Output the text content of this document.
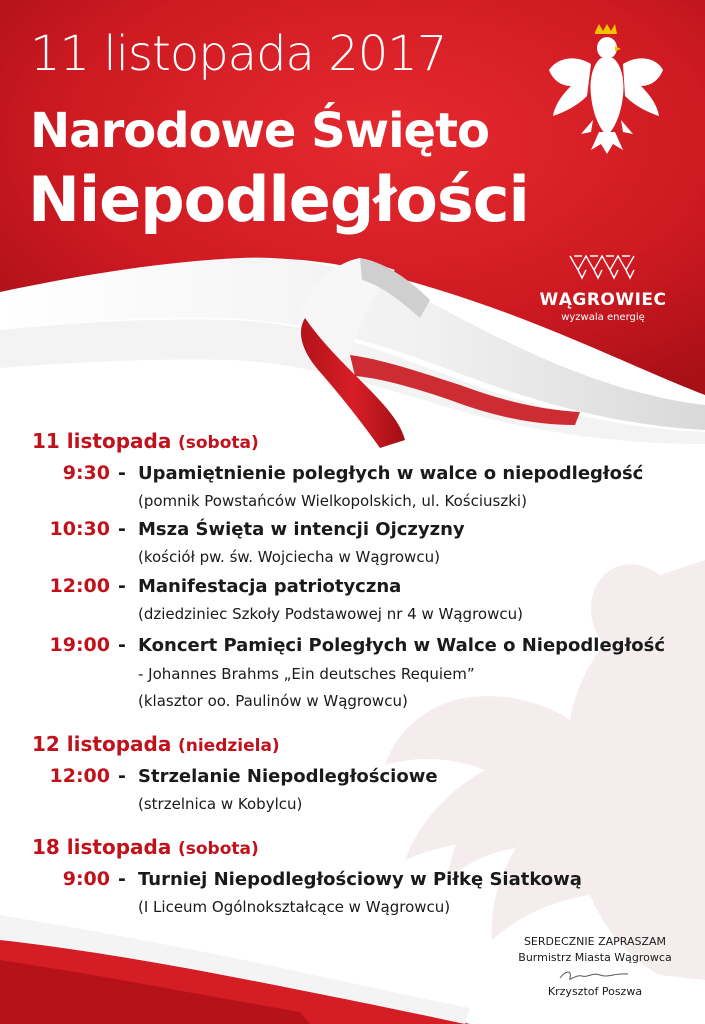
11 listopada 2017
Narodowe Święto
Niepodległości
WĄGROWIEC
wyzwala energię
11 listopada (sobota)
9:30 - Upamiętnienie poległych w walce o niepodległość
(pomnik Powstańców Wielkopolskich, ul. Kościuszki)
10:30 - Msza Święta w intencji Ojczyzny
(kościół pw. św. Wojciecha w Wągrowcu)
12:00 - Manifestacja patriotyczna
(dziedziniec Szkoły Podstawowej nr 4 w Wągrowcu)
19:00 - Koncert Pamięci Poległych w Walce o Niepodległość
- Johannes Brahms „Ein deutsches Requiem”
(klasztor oo. Paulinów w Wągrowcu)
12 listopada (niedziela)
12:00 - Strzelanie Niepodległościowe
(strzelnica w Kobylcu)
18 listopada (sobota)
9:00 - Turniej Niepodległościowy w Piłkę Siatkową
(I Liceum Ogólnokształcące w Wągrowcu)
SERDECZNIE ZAPRASZAM
Burmistrz Miasta Wągrowca
Krzysztof Poszwa
